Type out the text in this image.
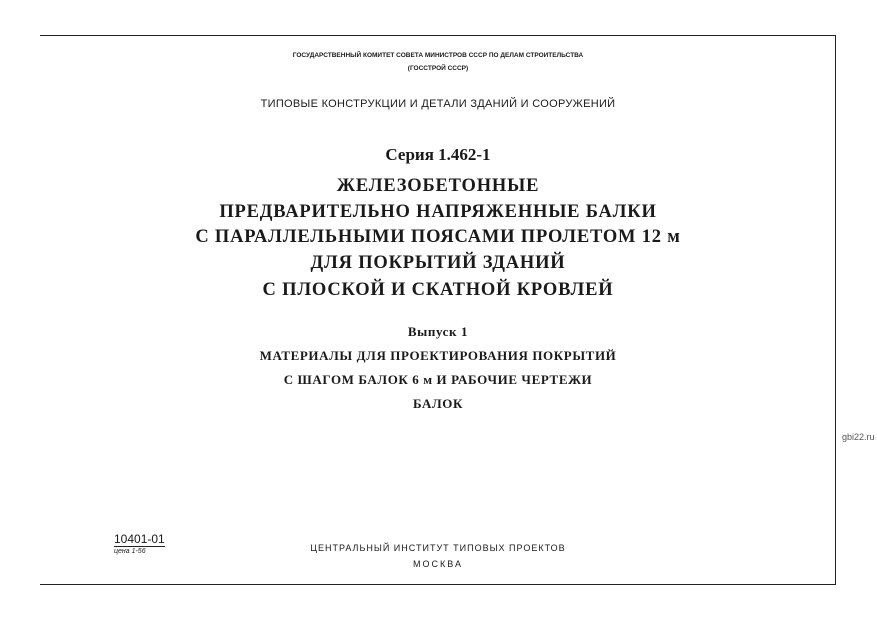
ГОСУДАРСТВЕННЫЙ КОМИТЕТ СОВЕТА МИНИСТРОВ СССР ПО ДЕЛАМ СТРОИТЕЛЬСТВА
(ГОССТРОЙ СССР)
ТИПОВЫЕ КОНСТРУКЦИИ И ДЕТАЛИ ЗДАНИЙ И СООРУЖЕНИЙ
Серия 1.462-1
ЖЕЛЕЗОБЕТОННЫЕ
ПРЕДВАРИТЕЛЬНО НАПРЯЖЕННЫЕ БАЛКИ
С ПАРАЛЛЕЛЬНЫМИ ПОЯСАМИ ПРОЛЕТОМ 12 м
ДЛЯ ПОКРЫТИЙ ЗДАНИЙ
С ПЛОСКОЙ И СКАТНОЙ КРОВЛЕЙ
Выпуск 1
МАТЕРИАЛЫ ДЛЯ ПРОЕКТИРОВАНИЯ ПОКРЫТИЙ
С ШАГОМ БАЛОК 6 м И РАБОЧИЕ ЧЕРТЕЖИ
БАЛОК
10401-01
цена 1-56	ЦЕНТРАЛЬНЫЙ ИНСТИТУТ ТИПОВЫХ ПРОЕКТОВ
МОСКВА
gbi22.ru
